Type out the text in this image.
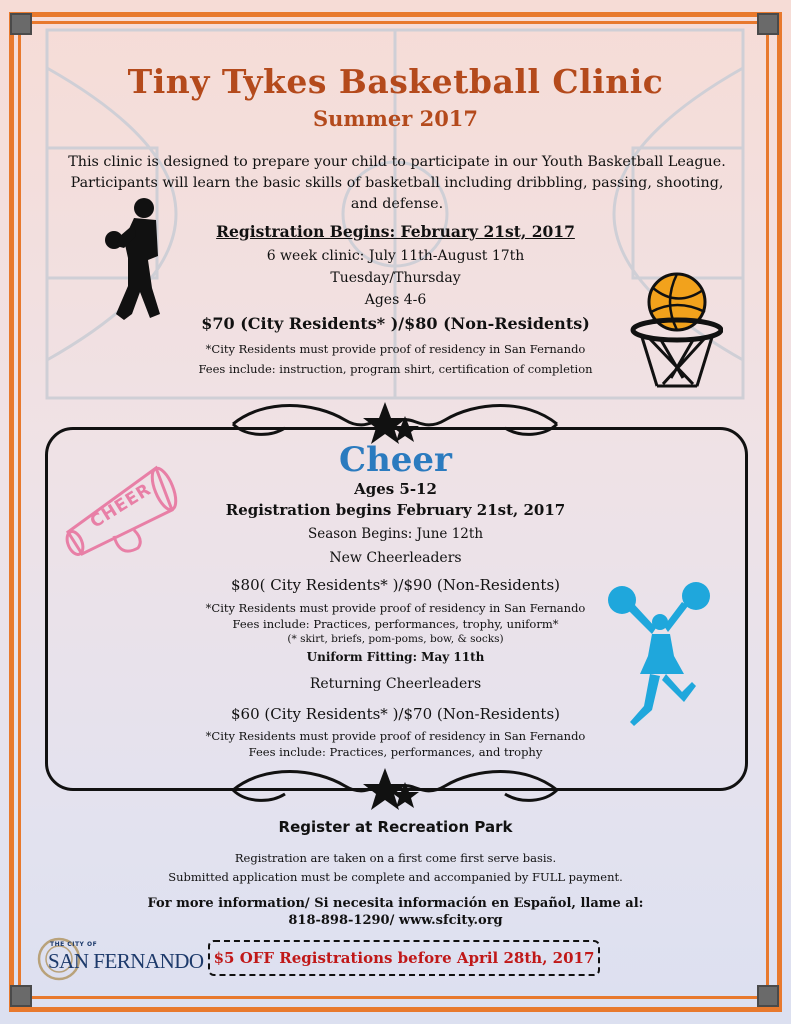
Tiny Tykes Basketball Clinic
Summer 2017
This clinic is designed to prepare your child to participate in our Youth Basketball League. Participants will learn the basic skills of basketball including dribbling, passing, shooting, and defense.
Registration Begins: February 21st, 2017
6 week clinic: July 11th-August 17th
Tuesday/Thursday
Ages 4-6
$70 (City Residents* )/$80 (Non-Residents)
*City Residents must provide proof of residency in San Fernando
Fees include: instruction, program shirt, certification of completion
Cheer
Ages 5-12
Registration begins February 21st, 2017
Season Begins: June 12th
New Cheerleaders
$80( City Residents* )/$90 (Non-Residents)
*City Residents must provide proof of residency in San Fernando
Fees include: Practices, performances, trophy, uniform*
(* skirt, briefs, pom-poms, bow, & socks)
Uniform Fitting: May 11th
Returning Cheerleaders
$60 (City Residents* )/$70 (Non-Residents)
*City Residents must provide proof of residency in San Fernando
Fees include: Practices, performances, and trophy
CHEER
Register at Recreation Park
Registration are taken on a first come first serve basis.
Submitted application must be complete and accompanied by FULL payment.
For more information/ Si necesita información en Español, llame al:
818-898-1290/ www.sfcity.org
THE CITY OF
SAN FERNANDO $5 OFF Registrations before April 28th, 2017
